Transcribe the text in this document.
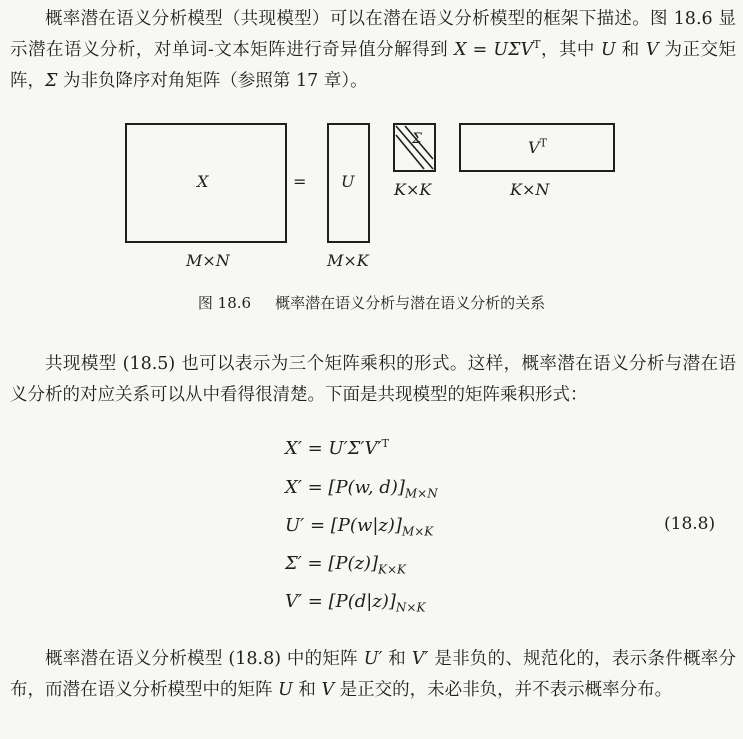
概率潜在语义分析模型（共现模型）可以在潜在语义分析模型的框架下描述。图 18.6 显示潜在语义分析，对单词-文本矩阵进行奇异值分解得到 $X = U\Sigma V^T$，其中 U 和 V 为正交矩阵，Σ 为非负降序对角矩阵（参照第 17 章）。

X	= U
Σ	$V^T$
M×N	M×K
K×K	K×N
图 18.6 概率潜在语义分析与潜在语义分析的关系

共现模型 (18.5) 也可以表示为三个矩阵乘积的形式。这样，概率潜在语义分析与潜在语义分析的对应关系可以从中看得很清楚。下面是共现模型的矩阵乘积形式：

$X' = U'\Sigma'V'^T$
X′ = [P(w, $d)]_{M\times N}$
$U' = [P(w|z)]_{M\times K}$
$\Sigma' = [P(z)]_{K\times K}$
$V' = [P(d|z)]_{N\times K}$
(18.8)

概率潜在语义分析模型 (18.8) 中的矩阵 U′ 和 V′ 是非负的、规范化的，表示条件概率分布，而潜在语义分析模型中的矩阵 U 和 V 是正交的，未必非负，并不表示概率分布。
